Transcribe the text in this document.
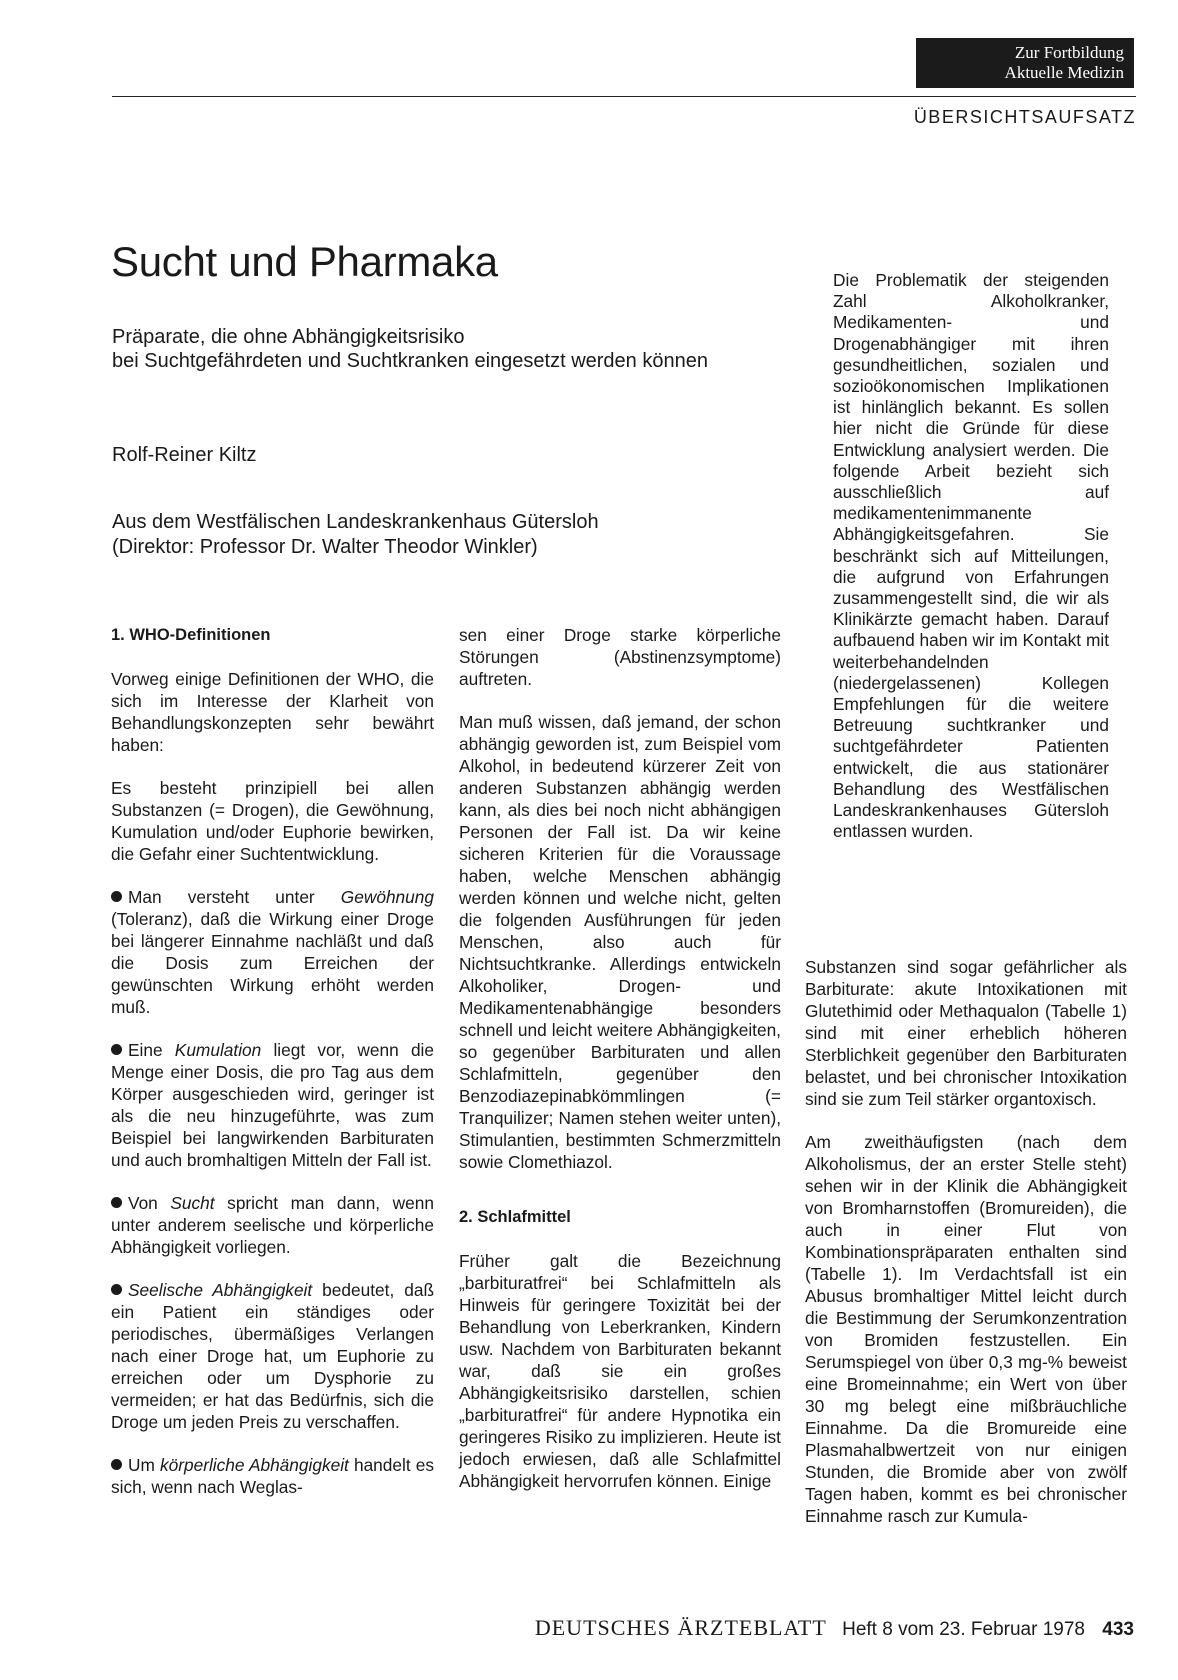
Zur Fortbildung
Aktuelle Medizin
ÜBERSICHTSAUFSATZ
Sucht und Pharmaka
Präparate, die ohne Abhängigkeitsrisiko
bei Suchtgefährdeten und Suchtkranken eingesetzt werden können
Rolf-Reiner Kiltz
Aus dem Westfälischen Landeskrankenhaus Gütersloh
(Direktor: Professor Dr. Walter Theodor Winkler)

Die Problematik der steigenden Zahl Alkoholkranker, Medikamenten- und Drogenabhängiger mit ihren gesundheitlichen, sozialen und sozioökonomischen Implikationen ist hinlänglich bekannt. Es sollen hier nicht die Gründe für diese Entwicklung analysiert werden. Die folgende Arbeit bezieht sich ausschließlich auf medikamentenimmanente Abhängigkeitsgefahren. Sie beschränkt sich auf Mitteilungen, die aufgrund von Erfahrungen zusammengestellt sind, die wir als Klinikärzte gemacht haben. Darauf aufbauend haben wir im Kontakt mit weiterbehandelnden (niedergelassenen) Kollegen Empfehlungen für die weitere Betreuung suchtkranker und suchtgefährdeter Patienten entwickelt, die aus stationärer Behandlung des Westfälischen Landeskrankenhauses Gütersloh entlassen wurden.

1. WHO-Definitionen

Vorweg einige Definitionen der WHO, die sich im Interesse der Klarheit von Behandlungskonzepten sehr bewährt haben:

Es besteht prinzipiell bei allen Substanzen (= Drogen), die Gewöhnung, Kumulation und/oder Euphorie bewirken, die Gefahr einer Suchtentwicklung.

Man versteht unter Gewöhnung (Toleranz), daß die Wirkung einer Droge bei längerer Einnahme nachläßt und daß die Dosis zum Erreichen der gewünschten Wirkung erhöht werden muß.

Eine Kumulation liegt vor, wenn die Menge einer Dosis, die pro Tag aus dem Körper ausgeschieden wird, geringer ist als die neu hinzugeführte, was zum Beispiel bei langwirkenden Barbituraten und auch bromhaltigen Mitteln der Fall ist.

Von Sucht spricht man dann, wenn unter anderem seelische und körperliche Abhängigkeit vorliegen.

Seelische Abhängigkeit bedeutet, daß ein Patient ein ständiges oder periodisches, übermäßiges Verlangen nach einer Droge hat, um Euphorie zu erreichen oder um Dysphorie zu vermeiden; er hat das Bedürfnis, sich die Droge um jeden Preis zu verschaffen.

Um körperliche Abhängigkeit handelt es sich, wenn nach Weglas-

sen einer Droge starke körperliche Störungen (Abstinenzsymptome) auftreten.

Man muß wissen, daß jemand, der schon abhängig geworden ist, zum Beispiel vom Alkohol, in bedeutend kürzerer Zeit von anderen Substanzen abhängig werden kann, als dies bei noch nicht abhängigen Personen der Fall ist. Da wir keine sicheren Kriterien für die Voraussage haben, welche Menschen abhängig werden können und welche nicht, gelten die folgenden Ausführungen für jeden Menschen, also auch für Nichtsuchtkranke. Allerdings entwickeln Alkoholiker, Drogen- und Medikamentenabhängige besonders schnell und leicht weitere Abhängigkeiten, so gegenüber Barbituraten und allen Schlafmitteln, gegenüber den Benzodiazepinabkömmlingen (= Tranquilizer; Namen stehen weiter unten), Stimulantien, bestimmten Schmerzmitteln sowie Clomethiazol.

2. Schlafmittel

Früher galt die Bezeichnung „barbituratfrei“ bei Schlafmitteln als Hinweis für geringere Toxizität bei der Behandlung von Leberkranken, Kindern usw. Nachdem von Barbituraten bekannt war, daß sie ein großes Abhängigkeitsrisiko darstellen, schien „barbituratfrei“ für andere Hypnotika ein geringeres Risiko zu implizieren. Heute ist jedoch erwiesen, daß alle Schlafmittel Abhängigkeit hervorrufen können. Einige

Substanzen sind sogar gefährlicher als Barbiturate: akute Intoxikationen mit Glutethimid oder Methaqualon (Tabelle 1) sind mit einer erheblich höheren Sterblichkeit gegenüber den Barbituraten belastet, und bei chronischer Intoxikation sind sie zum Teil stärker organtoxisch.

Am zweithäufigsten (nach dem Alkoholismus, der an erster Stelle steht) sehen wir in der Klinik die Abhängigkeit von Bromharnstoffen (Bromureiden), die auch in einer Flut von Kombinationspräparaten enthalten sind (Tabelle 1). Im Verdachtsfall ist ein Abusus bromhaltiger Mittel leicht durch die Bestimmung der Serumkonzentration von Bromiden festzustellen. Ein Serumspiegel von über 0,3 mg-% beweist eine Bromeinnahme; ein Wert von über 30 mg belegt eine mißbräuchliche Einnahme. Da die Bromureide eine Plasmahalbwertzeit von nur einigen Stunden, die Bromide aber von zwölf Tagen haben, kommt es bei chronischer Einnahme rasch zur Kumula-

DEUTSCHES ÄRZTEBLATT Heft 8 vom 23. Februar 1978 433
